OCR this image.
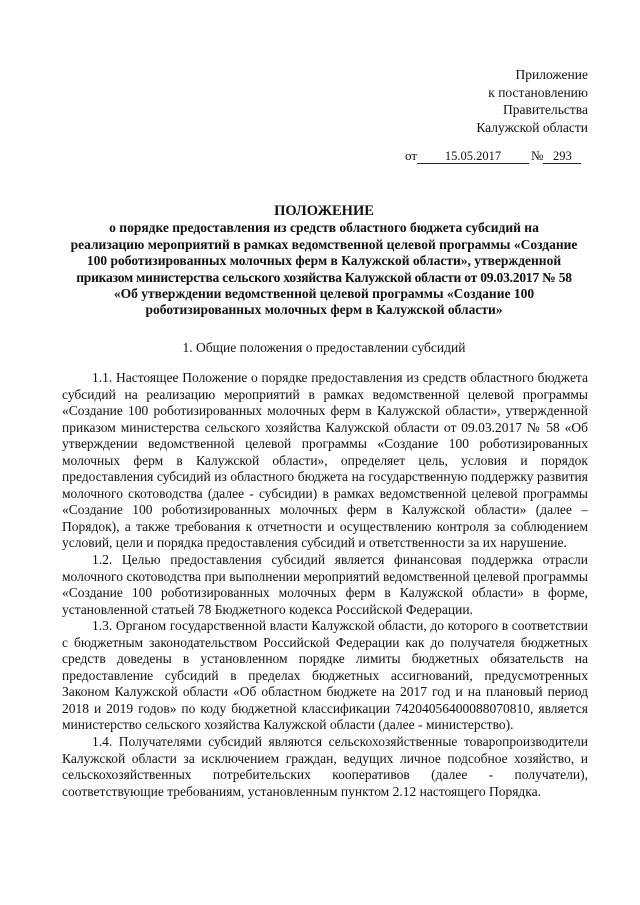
Приложение
к постановлению
Правительства
Калужской области
от 15.05.2017 № 293
ПОЛОЖЕНИЕ
о порядке предоставления из средств областного бюджета субсидий на
реализацию мероприятий в рамках ведомственной целевой программы «Создание
100 роботизированных молочных ферм в Калужской области», утвержденной
приказом министерства сельского хозяйства Калужской области от 09.03.2017 № 58
«Об утверждении ведомственной целевой программы «Создание 100
роботизированных молочных ферм в Калужской области»
1. Общие положения о предоставлении субсидий

1.1. Настоящее Положение о порядке предоставления из средств областного бюджета субсидий на реализацию мероприятий в рамках ведомственной целевой программы «Создание 100 роботизированных молочных ферм в Калужской области», утвержденной приказом министерства сельского хозяйства Калужской области от 09.03.2017 № 58 «Об утверждении ведомственной целевой программы «Создание 100 роботизированных молочных ферм в Калужской области», определяет цель, условия и порядок предоставления субсидий из областного бюджета на государственную поддержку развития молочного скотоводства (далее - субсидии) в рамках ведомственной целевой программы «Создание 100 роботизированных молочных ферм в Калужской области» (далее – Порядок), а также требования к отчетности и осуществлению контроля за соблюдением условий, цели и порядка предоставления субсидий и ответственности за их нарушение.

1.2. Целью предоставления субсидий является финансовая поддержка отрасли молочного скотоводства при выполнении мероприятий ведомственной целевой программы «Создание 100 роботизированных молочных ферм в Калужской области» в форме, установленной статьей 78 Бюджетного кодекса Российской Федерации.

1.3. Органом государственной власти Калужской области, до которого в соответствии с бюджетным законодательством Российской Федерации как до получателя бюджетных средств доведены в установленном порядке лимиты бюджетных обязательств на предоставление субсидий в пределах бюджетных ассигнований, предусмотренных Законом Калужской области «Об областном бюджете на 2017 год и на плановый период 2018 и 2019 годов» по коду бюджетной классификации 74204056400088070810, является министерство сельского хозяйства Калужской области (далее - министерство).

1.4. Получателями субсидий являются сельскохозяйственные товаропроизводители Калужской области за исключением граждан, ведущих личное подсобное хозяйство, и сельскохозяйственных потребительских кооперативов (далее - получатели), соответствующие требованиям, установленным пунктом 2.12 настоящего Порядка.
